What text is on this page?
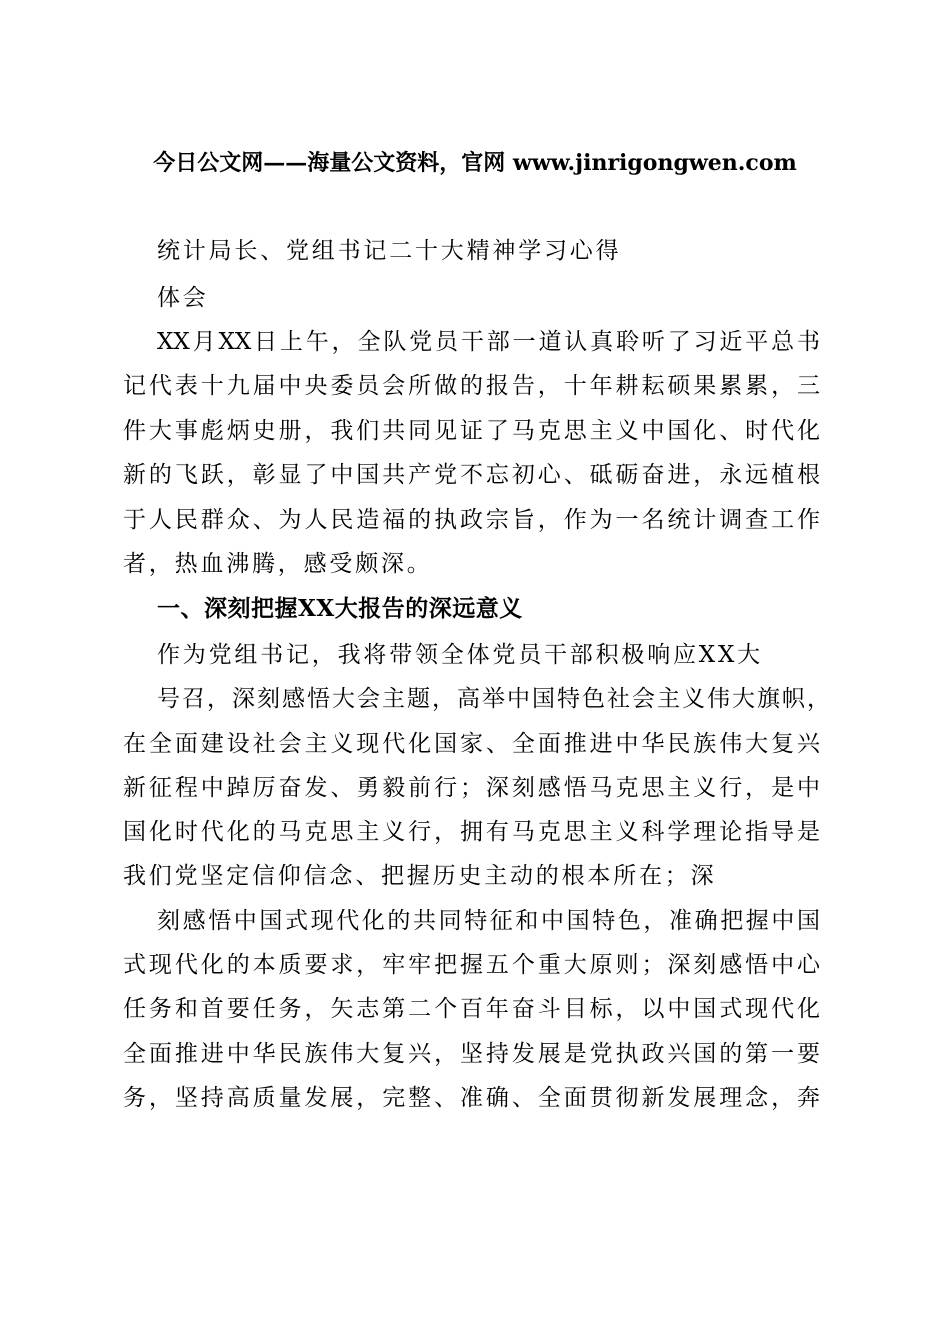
今日公文网——海量公文资料，官网 www.jinrigongwen.com
统计局长、党组书记二十大精神学习心得
体会
XX月XX日上午，全队党员干部一道认真聆听了习近平总书
记代表十九届中央委员会所做的报告，十年耕耘硕果累累，三
件大事彪炳史册，我们共同见证了马克思主义中国化、时代化
新的飞跃，彰显了中国共产党不忘初心、砥砺奋进，永远植根
于人民群众、为人民造福的执政宗旨，作为一名统计调查工作
者，热血沸腾，感受颇深。
一、深刻把握XX大报告的深远意义
作为党组书记，我将带领全体党员干部积极响应XX大
号召，深刻感悟大会主题，高举中国特色社会主义伟大旗帜，
在全面建设社会主义现代化国家、全面推进中华民族伟大复兴
新征程中踔厉奋发、勇毅前行；深刻感悟马克思主义行，是中
国化时代化的马克思主义行，拥有马克思主义科学理论指导是
我们党坚定信仰信念、把握历史主动的根本所在；深
刻感悟中国式现代化的共同特征和中国特色，准确把握中国
式现代化的本质要求，牢牢把握五个重大原则；深刻感悟中心
任务和首要任务，矢志第二个百年奋斗目标，以中国式现代化
全面推进中华民族伟大复兴，坚持发展是党执政兴国的第一要
务，坚持高质量发展，完整、准确、全面贯彻新发展理念，奔
